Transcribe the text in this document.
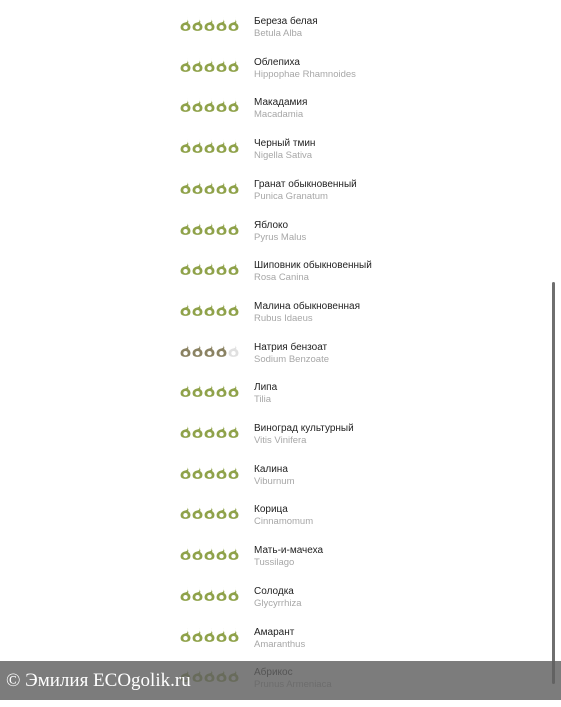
Береза белая
Betula Alba
Облепиха
Hippophae Rhamnoides
Макадамия
Macadamia
Черный тмин
Nigella Sativa
Гранат обыкновенный
Punica Granatum
Яблоко
Pyrus Malus
Шиповник обыкновенный
Rosa Canina
Малина обыкновенная
Rubus Idaeus
Натрия бензоат
Sodium Benzoate
Липа
Tilia
Виноград культурный
Vitis Vinifera
Калина
Viburnum
Корица
Cinnamomum
Мать-и-мачеха
Tussilago
Солодка
Glycyrrhiza
Амарант
Amaranthus
© Эмилия ECOgolik.ru
